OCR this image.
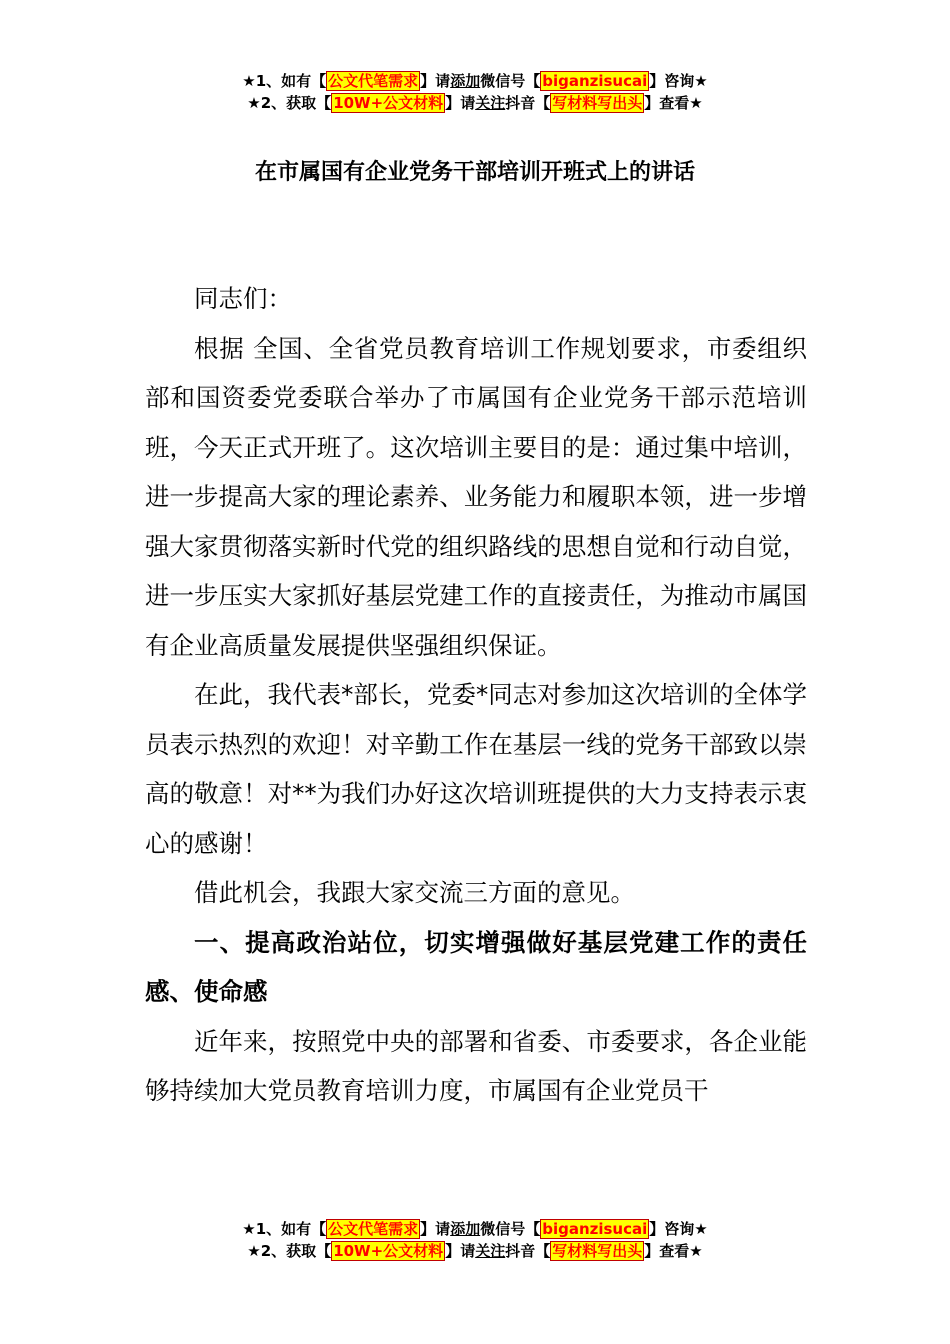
★1、如有【 公文代笔需求 】请添加微信号【 biganzisucai 】咨询★
★2、获取【 10W+公文材料 】请关注抖音【 写材料写出头 】查看★
在市属国有企业党务干部培训开班式上的讲话

同志们：

根据 全国、全省党员教育培训工作规划要求，市委组织部和国资委党委联合举办了市属国有企业党务干部示范培训班，今天正式开班了。这次培训主要目的是：通过集中培训，进一步提高大家的理论素养、业务能力和履职本领，进一步增强大家贯彻落实新时代党的组织路线的思想自觉和行动自觉，进一步压实大家抓好基层党建工作的直接责任，为推动市属国有企业高质量发展提供坚强组织保证。

在此，我代表*部长，党委*同志对参加这次培训的全体学员表示热烈的欢迎！对辛勤工作在基层一线的党务干部致以崇高的敬意！对**为我们办好这次培训班提供的大力支持表示衷心的感谢！

借此机会，我跟大家交流三方面的意见。

一、提高政治站位，切实增强做好基层党建工作的责任感、使命感

近年来，按照党中央的部署和省委、市委要求，各企业能够持续加大党员教育培训力度，市属国有企业党员干

★1、如有【 公文代笔需求 】请添加微信号【 biganzisucai 】咨询★
★2、获取【 10W+公文材料 】请关注抖音【 写材料写出头 】查看★
